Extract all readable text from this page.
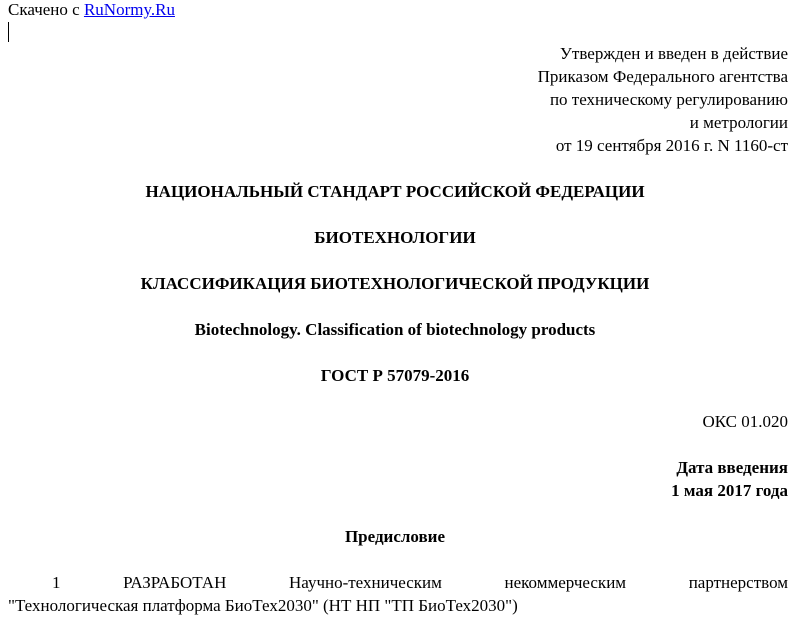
Скачено с RuNormy.Ru
Утвержден и введен в действие
Приказом Федерального агентства
по техническому регулированию
и метрологии
от 19 сентября 2016 г. N 1160-ст
НАЦИОНАЛЬНЫЙ СТАНДАРТ РОССИЙСКОЙ ФЕДЕРАЦИИ
БИОТЕХНОЛОГИИ
КЛАССИФИКАЦИЯ БИОТЕХНОЛОГИЧЕСКОЙ ПРОДУКЦИИ
Biotechnology. Classification of biotechnology products
ГОСТ Р 57079-2016
ОКС 01.020
Дата введения
1 мая 2017 года
Предисловие
1	РАЗРАБОТАН	Научно-техническим	некоммерческим	партнерством
"Технологическая платформа БиоТех2030" (НТ НП "ТП БиоТех2030")
